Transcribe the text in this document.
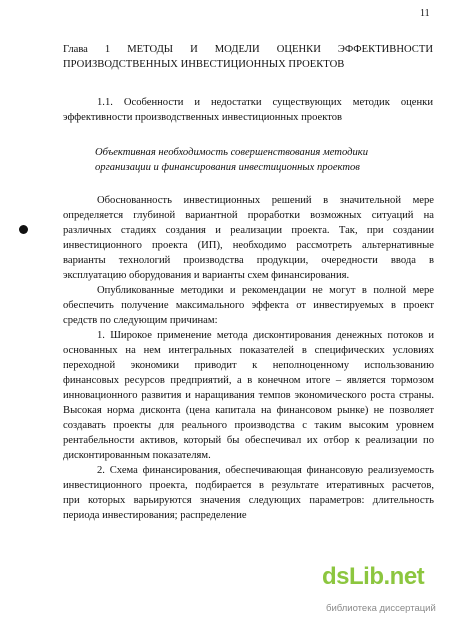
11
Глава 1 МЕТОДЫ И МОДЕЛИ ОЦЕНКИ ЭФФЕКТИВНОСТИ
ПРОИЗВОДСТВЕННЫХ ИНВЕСТИЦИОННЫХ ПРОЕКТОВ
1.1. Особенности и недостатки существующих методик оценки
эффективности производственных инвестиционных проектов
Объективная необходимость совершенствования методики
организации и финансирования инвестиционных проектов
Обоснованность инвестиционных решений в значительной мере
определяется глубиной вариантной проработки возможных ситуаций на
различных стадиях создания и реализации проекта. Так, при создании
инвестиционного проекта (ИП), необходимо рассмотреть альтернативные
варианты технологий производства продукции, очередности ввода в
эксплуатацию оборудования и варианты схем финансирования.
Опубликованные методики и рекомендации не могут в полной мере
обеспечить получение максимального эффекта от инвестируемых в проект
средств по следующим причинам:
1. Широкое применение метода дисконтирования денежных потоков и
основанных на нем интегральных показателей в специфических условиях
переходной экономики приводит к неполноценному использованию
финансовых ресурсов предприятий, а в конечном итоге – является тормозом
инновационного развития и наращивания темпов экономического роста страны.
Высокая норма дисконта (цена капитала на финансовом рынке) не позволяет
создавать проекты для реального производства с таким высоким уровнем
рентабельности активов, который бы обеспечивал их отбор к реализации по
дисконтированным показателям.
2. Схема финансирования, обеспечивающая финансовую реализуемость
инвестиционного проекта, подбирается в результате итеративных расчетов,
при которых варьируются значения следующих параметров: длительность
периода инвестирования; распределение
dsLib.net
библиотека диссертаций
